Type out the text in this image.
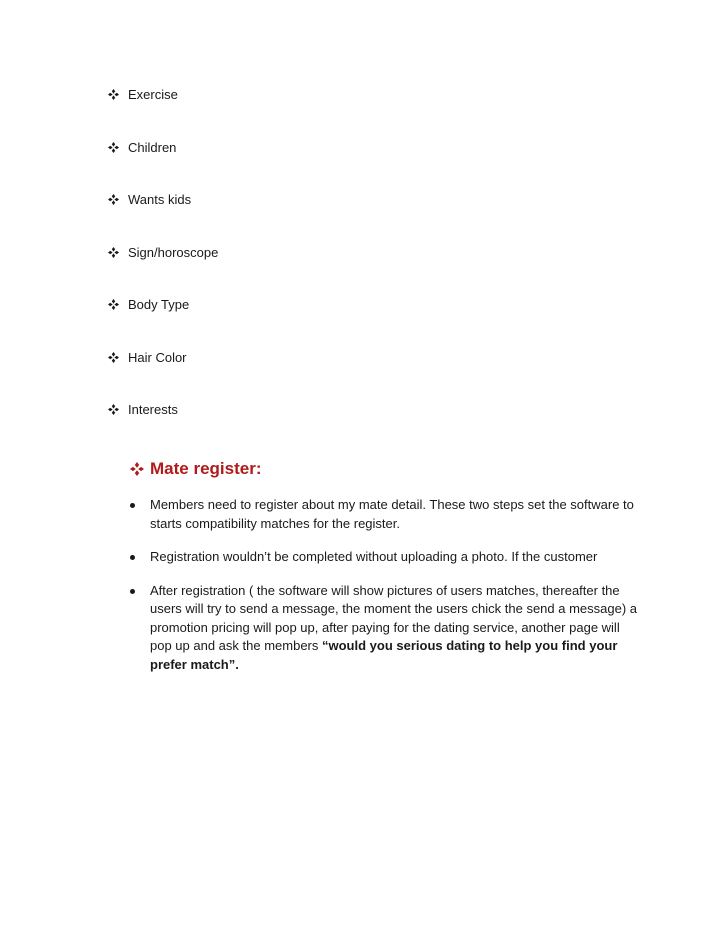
Exercise
Children
Wants kids
Sign/horoscope
Body Type
Hair Color
Interests
Mate register:
Members need to register about my mate detail. These two steps set the software to starts compatibility matches for the register.
Registration wouldn’t be completed without uploading a photo. If the customer
After registration ( the software will show pictures of users matches, thereafter the users will try to send a message, the moment the users chick the send a message) a promotion pricing will pop up, after paying for the dating service, another page will pop up and ask the members “would you serious dating to help you find your prefer match”.
